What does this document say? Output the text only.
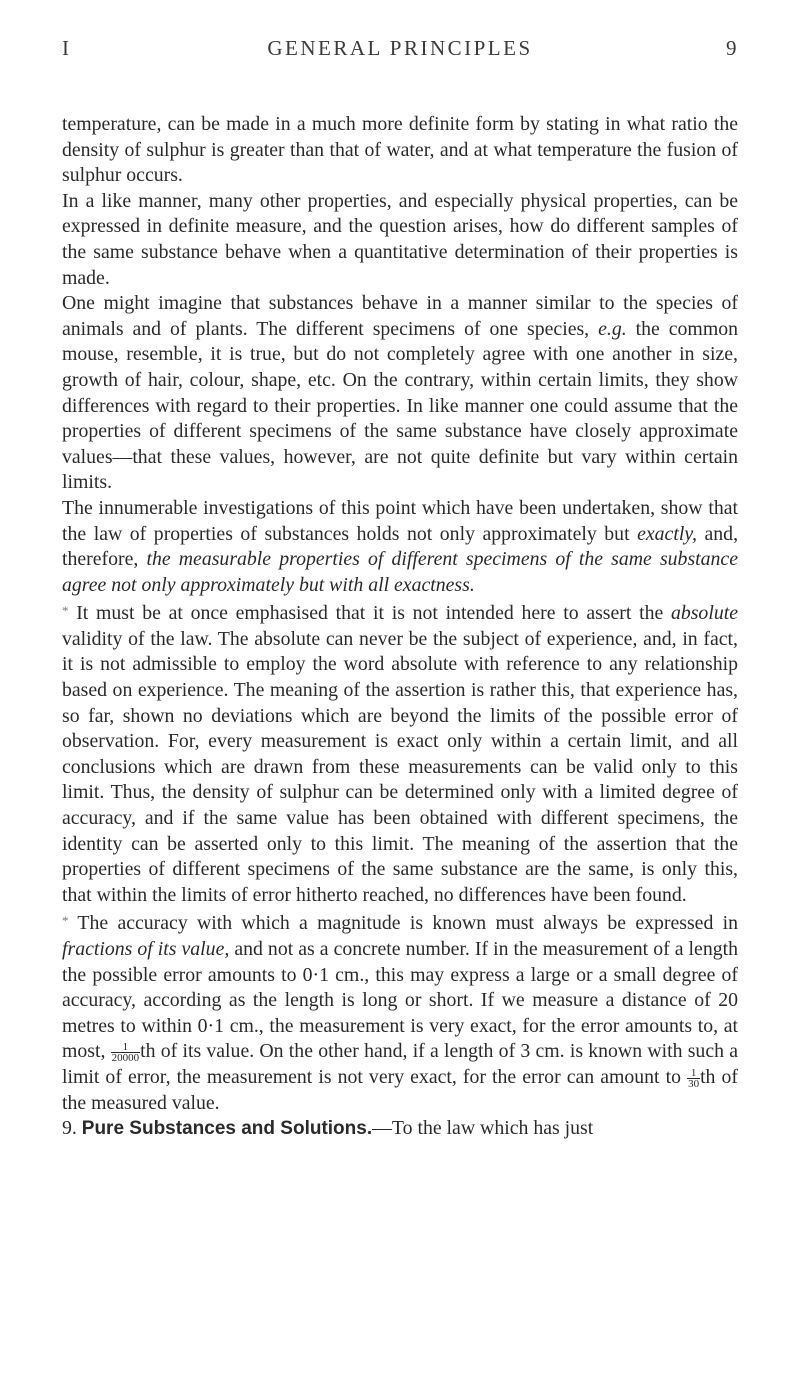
I	GENERAL PRINCIPLES	9

temperature, can be made in a much more definite form by stating in what ratio the density of sulphur is greater than that of water, and at what temperature the fusion of sulphur occurs.

In a like manner, many other properties, and especially physical properties, can be expressed in definite measure, and the question arises, how do different samples of the same substance behave when a quantitative determination of their properties is made.

One might imagine that substances behave in a manner similar to the species of animals and of plants. The different specimens of one species, e.g. the common mouse, resemble, it is true, but do not completely agree with one another in size, growth of hair, colour, shape, etc. On the contrary, within certain limits, they show differences with regard to their properties. In like manner one could assume that the properties of different specimens of the same substance have closely approximate values—that these values, however, are not quite definite but vary within certain limits.

The innumerable investigations of this point which have been undertaken, show that the law of properties of substances holds not only approximately but exactly, and, therefore, the measurable properties of different specimens of the same substance agree not only approximately but with all exactness.

* It must be at once emphasised that it is not intended here to assert the absolute validity of the law. The absolute can never be the subject of experience, and, in fact, it is not admissible to employ the word absolute with reference to any relationship based on experience. The meaning of the assertion is rather this, that experience has, so far, shown no deviations which are beyond the limits of the possible error of observation. For, every measurement is exact only within a certain limit, and all conclusions which are drawn from these measurements can be valid only to this limit. Thus, the density of sulphur can be determined only with a limited degree of accuracy, and if the same value has been obtained with different specimens, the identity can be asserted only to this limit. The meaning of the assertion that the properties of different specimens of the same substance are the same, is only this, that within the limits of error hitherto reached, no differences have been found.

* The accuracy with which a magnitude is known must always be expressed in fractions of its value, and not as a concrete number. If in the measurement of a length the possible error amounts to 0·1 cm., this may express a large or a small degree of accuracy, according as the length is long or short. If we measure a distance of 20 metres to within 0·1 cm., the measurement is very exact, for the error amounts to, at most, $\frac{1}{20000}$ th of its value. On the other hand, if a length of 3 cm. is known with such a limit of error, the measurement is not very exact, for the error can amount to $\frac{1}{30}$ th of the measured value.

9. Pure Substances and Solutions.—To the law which has just
